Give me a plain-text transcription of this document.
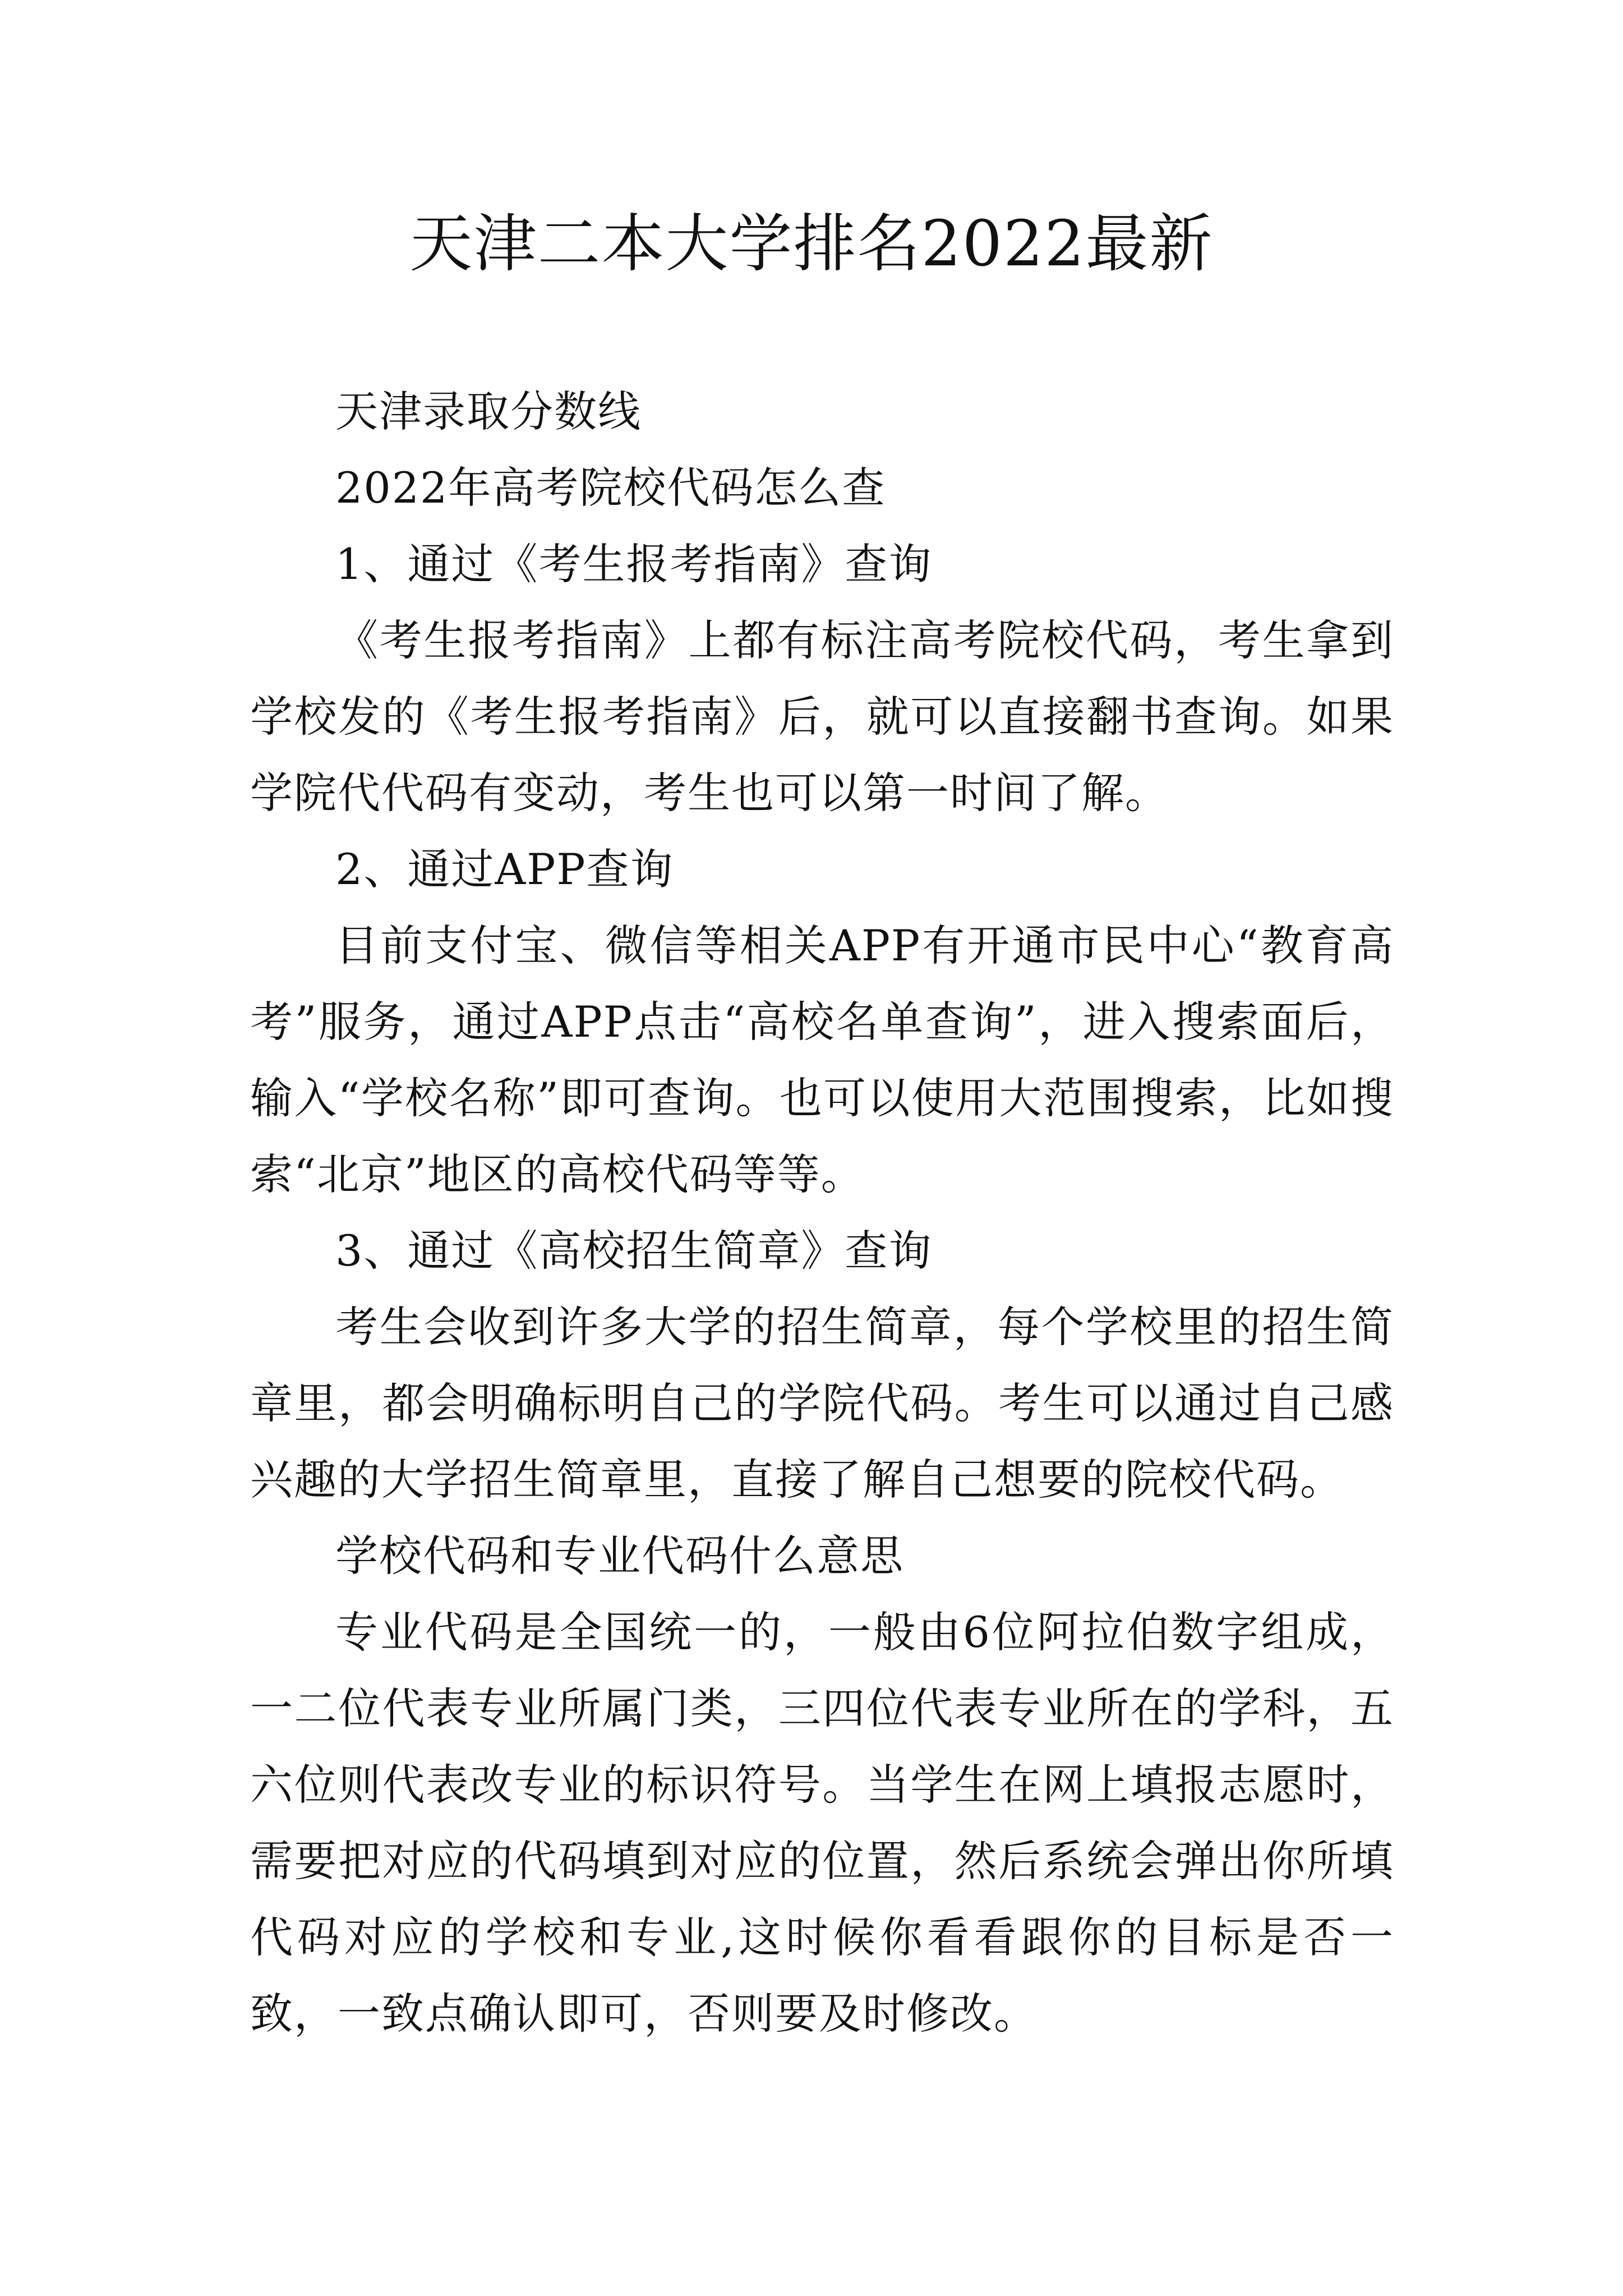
天津二本大学排名2022最新

天津录取分数线

2022年高考院校代码怎么查

1、通过《考生报考指南》查询

《考生报考指南》上都有标注高考院校代码，考生拿到学校发的《考生报考指南》后，就可以直接翻书查询。如果学院代代码有变动，考生也可以第一时间了解。

2、通过APP查询

目前支付宝、微信等相关APP有开通市民中心“教育高考”服务，通过APP点击“高校名单查询”，进入搜索面后，输入“学校名称”即可查询。也可以使用大范围搜索，比如搜索“北京”地区的高校代码等等。

3、通过《高校招生简章》查询

考生会收到许多大学的招生简章，每个学校里的招生简章里，都会明确标明自己的学院代码。考生可以通过自己感兴趣的大学招生简章里，直接了解自己想要的院校代码。

学校代码和专业代码什么意思

专业代码是全国统一的，一般由6位阿拉伯数字组成，一二位代表专业所属门类，三四位代表专业所在的学科，五六位则代表改专业的标识符号。当学生在网上填报志愿时，需要把对应的代码填到对应的位置，然后系统会弹出你所填代码对应的学校和专业,这时候你看看跟你的目标是否一致，一致点确认即可，否则要及时修改。
